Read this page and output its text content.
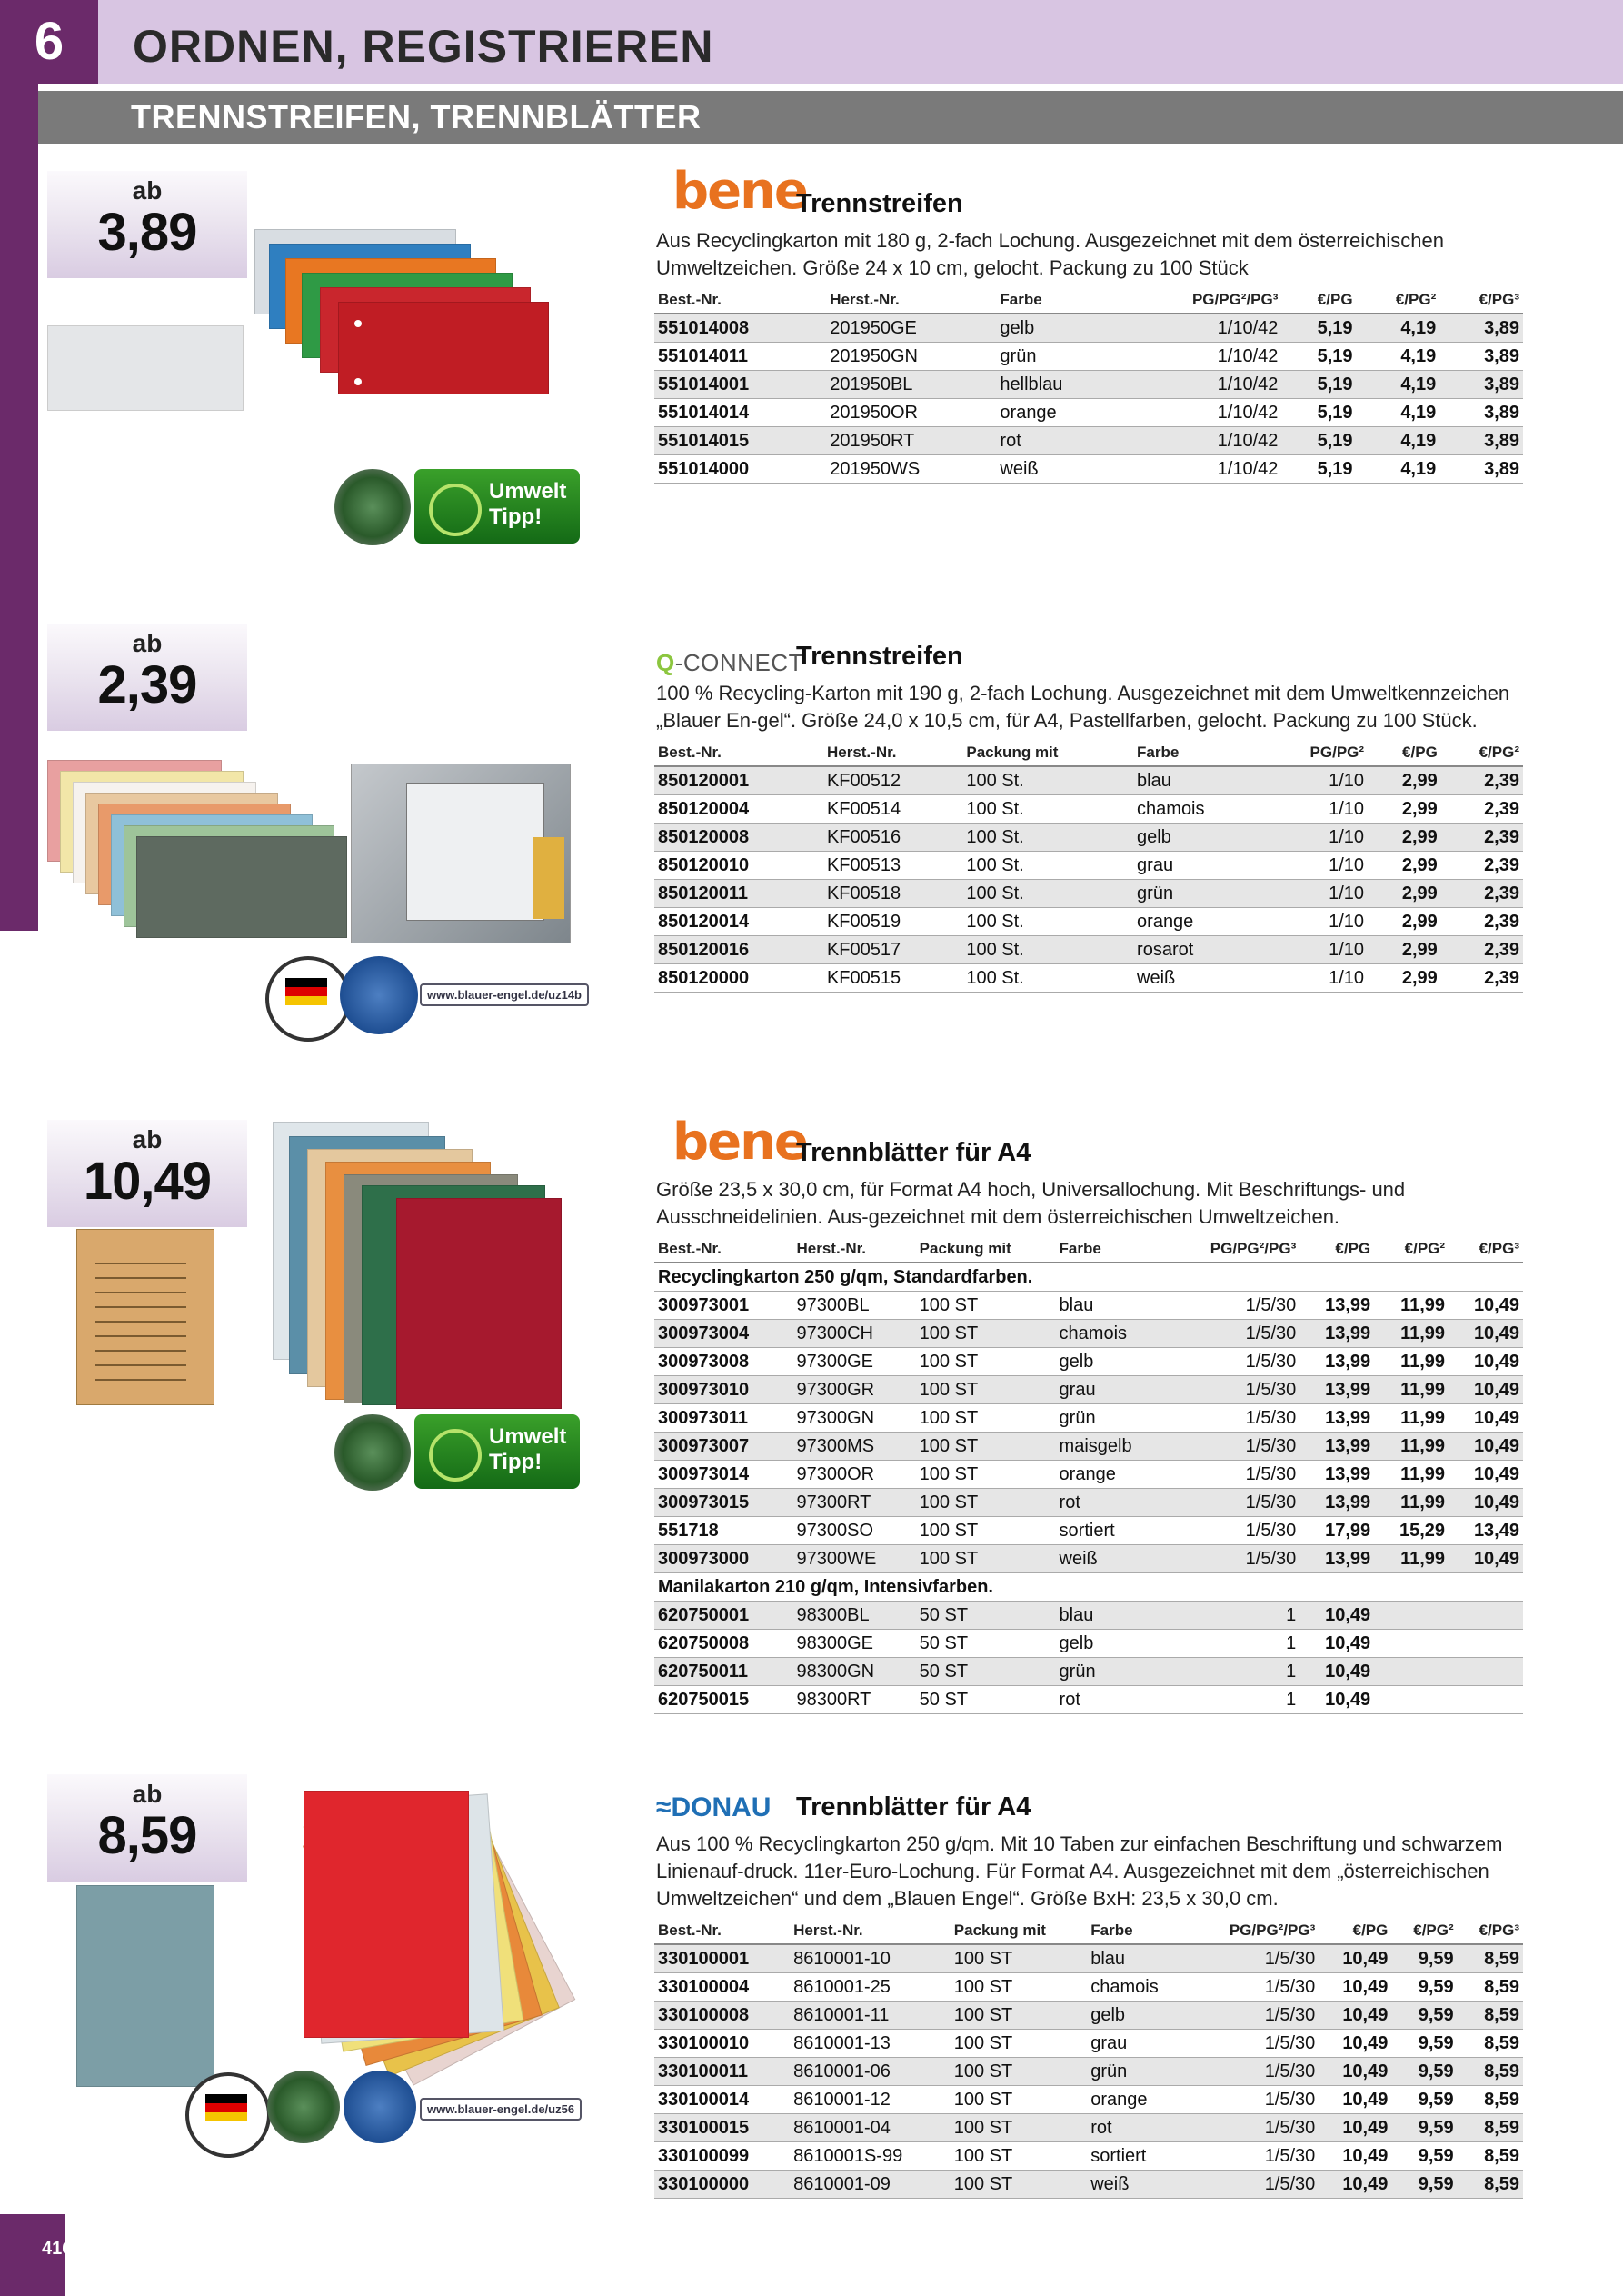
6	ORDNEN, REGISTRIEREN
TRENNSTREIFEN, TRENNBLÄTTER
ab
3,89
Umwelt
Tipp!
bene
Trennstreifen
Aus Recyclingkarton mit 180 g, 2-fach Lochung. Ausgezeichnet mit dem österreichischen Umweltzeichen. Größe 24 x 10 cm, gelocht. Packung zu 100 Stück
Best.-Nr.	Herst.-Nr.	Farbe	PG/PG²/PG³	€/PG	€/PG²	€/PG³
551014008	201950GE	gelb	1/10/42	5,19	4,19	3,89
551014011	201950GN	grün	1/10/42	5,19	4,19	3,89
551014001	201950BL	hellblau	1/10/42	5,19	4,19	3,89
551014014	201950OR	orange	1/10/42	5,19	4,19	3,89
551014015	201950RT	rot	1/10/42	5,19	4,19	3,89
551014000	201950WS	weiß	1/10/42	5,19	4,19	3,89
ab
2,39
www.blauer-engel.de/uz14b
Q-CONNECT
Trennstreifen
100 % Recycling-Karton mit 190 g, 2-fach Lochung. Ausgezeichnet mit dem Umweltkennzeichen „Blauer En-gel“. Größe 24,0 x 10,5 cm, für A4, Pastellfarben, gelocht. Packung zu 100 Stück.
Best.-Nr.	Herst.-Nr.	Packung mit	Farbe	PG/PG²	€/PG	€/PG²
850120001	KF00512	100 St.	blau	1/10	2,99	2,39
850120004	KF00514	100 St.	chamois	1/10	2,99	2,39
850120008	KF00516	100 St.	gelb	1/10	2,99	2,39
850120010	KF00513	100 St.	grau	1/10	2,99	2,39
850120011	KF00518	100 St.	grün	1/10	2,99	2,39
850120014	KF00519	100 St.	orange	1/10	2,99	2,39
850120016	KF00517	100 St.	rosarot	1/10	2,99	2,39
850120000	KF00515	100 St.	weiß	1/10	2,99	2,39
ab
10,49
Umwelt
Tipp!
bene
Trennblätter für A4
Größe 23,5 x 30,0 cm, für Format A4 hoch, Universallochung. Mit Beschriftungs- und Ausschneidelinien. Aus-gezeichnet mit dem österreichischen Umweltzeichen.
Best.-Nr.	Herst.-Nr.	Packung mit	Farbe	PG/PG²/PG³	€/PG	€/PG²	€/PG³
Recyclingkarton 250 g/qm, Standardfarben.							
300973001	97300BL	100 ST	blau	1/5/30	13,99	11,99	10,49
300973004	97300CH	100 ST	chamois	1/5/30	13,99	11,99	10,49
300973008	97300GE	100 ST	gelb	1/5/30	13,99	11,99	10,49
300973010	97300GR	100 ST	grau	1/5/30	13,99	11,99	10,49
300973011	97300GN	100 ST	grün	1/5/30	13,99	11,99	10,49
300973007	97300MS	100 ST	maisgelb	1/5/30	13,99	11,99	10,49
300973014	97300OR	100 ST	orange	1/5/30	13,99	11,99	10,49
300973015	97300RT	100 ST	rot	1/5/30	13,99	11,99	10,49
551718	97300SO	100 ST	sortiert	1/5/30	17,99	15,29	13,49
300973000	97300WE	100 ST	weiß	1/5/30	13,99	11,99	10,49
Manilakarton 210 g/qm, Intensivfarben.							
620750001	98300BL	50 ST	blau	1	10,49		
620750008	98300GE	50 ST	gelb	1	10,49		
620750011	98300GN	50 ST	grün	1	10,49		
620750015	98300RT	50 ST	rot	1	10,49		
ab
8,59
www.blauer-engel.de/uz56
≈DONAU Trennblätter für A4
Aus 100 % Recyclingkarton 250 g/qm. Mit 10 Taben zur einfachen Beschriftung und schwarzem Linienauf-druck. 11er-Euro-Lochung. Für Format A4. Ausgezeichnet mit dem „österreichischen Umweltzeichen“ und dem „Blauen Engel“. Größe BxH: 23,5 x 30,0 cm.
Best.-Nr.	Herst.-Nr.	Packung mit	Farbe	PG/PG²/PG³	€/PG	€/PG²	€/PG³
330100001	8610001-10	100 ST	blau	1/5/30	10,49	9,59	8,59
330100004	8610001-25	100 ST	chamois	1/5/30	10,49	9,59	8,59
330100008	8610001-11	100 ST	gelb	1/5/30	10,49	9,59	8,59
330100010	8610001-13	100 ST	grau	1/5/30	10,49	9,59	8,59
330100011	8610001-06	100 ST	grün	1/5/30	10,49	9,59	8,59
330100014	8610001-12	100 ST	orange	1/5/30	10,49	9,59	8,59
330100015	8610001-04	100 ST	rot	1/5/30	10,49	9,59	8,59
330100099	8610001S-99	100 ST	sortiert	1/5/30	10,49	9,59	8,59
330100000	8610001-09	100 ST	weiß	1/5/30	10,49	9,59	8,59
416
